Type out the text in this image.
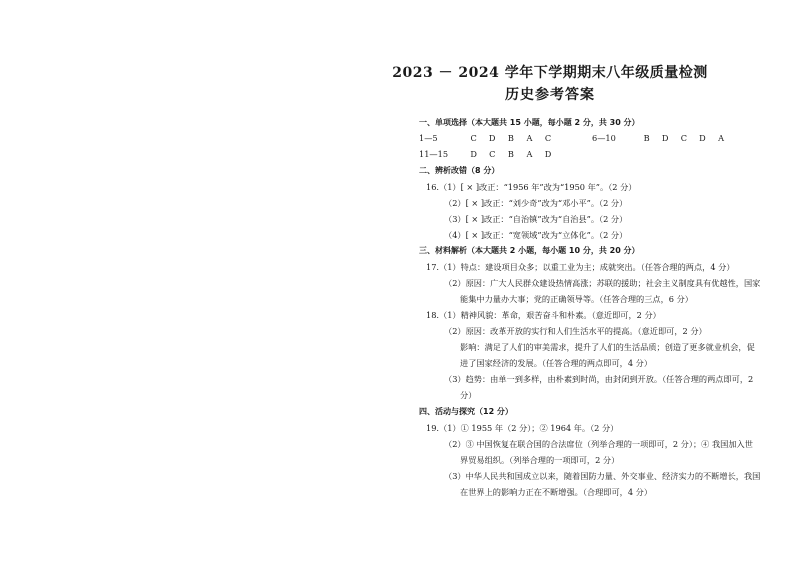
2023 － 2024 学年下学期期末八年级质量检测
历史参考答案
一、单项选择（本大题共 15 小题，每小题 2 分，共 30 分）
1—5	C D B A C	6—10	B D C D A
11—15	D C B A D
二、辨析改错（8 分）
16.（1）[ × ]改正：“1956 年”改为“1950 年”。（2 分）
（2）[ × ]改正：“刘少奇”改为“邓小平”。（2 分）
（3）[ × ]改正：“自治镇”改为“自治县”。（2 分）
（4）[ × ]改正：“宽领域”改为“立体化”。（2 分）
三、材料解析（本大题共 2 小题，每小题 10 分，共 20 分）
17.（1）特点：建设项目众多；以重工业为主；成就突出。（任答合理的两点，4 分）
（2）原因：广大人民群众建设热情高涨；苏联的援助；社会主义制度具有优越性，国家
能集中力量办大事；党的正确领导等。（任答合理的三点，6 分）
18.（1）精神风貌：革命，艰苦奋斗和朴素。（意近即可，2 分）
（2）原因：改革开放的实行和人们生活水平的提高。（意近即可，2 分）
影响：满足了人们的审美需求，提升了人们的生活品质；创造了更多就业机会，促
进了国家经济的发展。（任答合理的两点即可，4 分）
（3）趋势：由单一到多样，由朴素到时尚，由封闭到开放。（任答合理的两点即可，2
分）
四、活动与探究（12 分）
19.（1）① 1955 年（2 分）；② 1964 年。（2 分）
（2）③ 中国恢复在联合国的合法席位（列举合理的一项即可，2 分）；④ 我国加入世
界贸易组织。（列举合理的一项即可，2 分）
（3）中华人民共和国成立以来，随着国防力量、外交事业、经济实力的不断增长，我国
在世界上的影响力正在不断增强。（合理即可，4 分）
